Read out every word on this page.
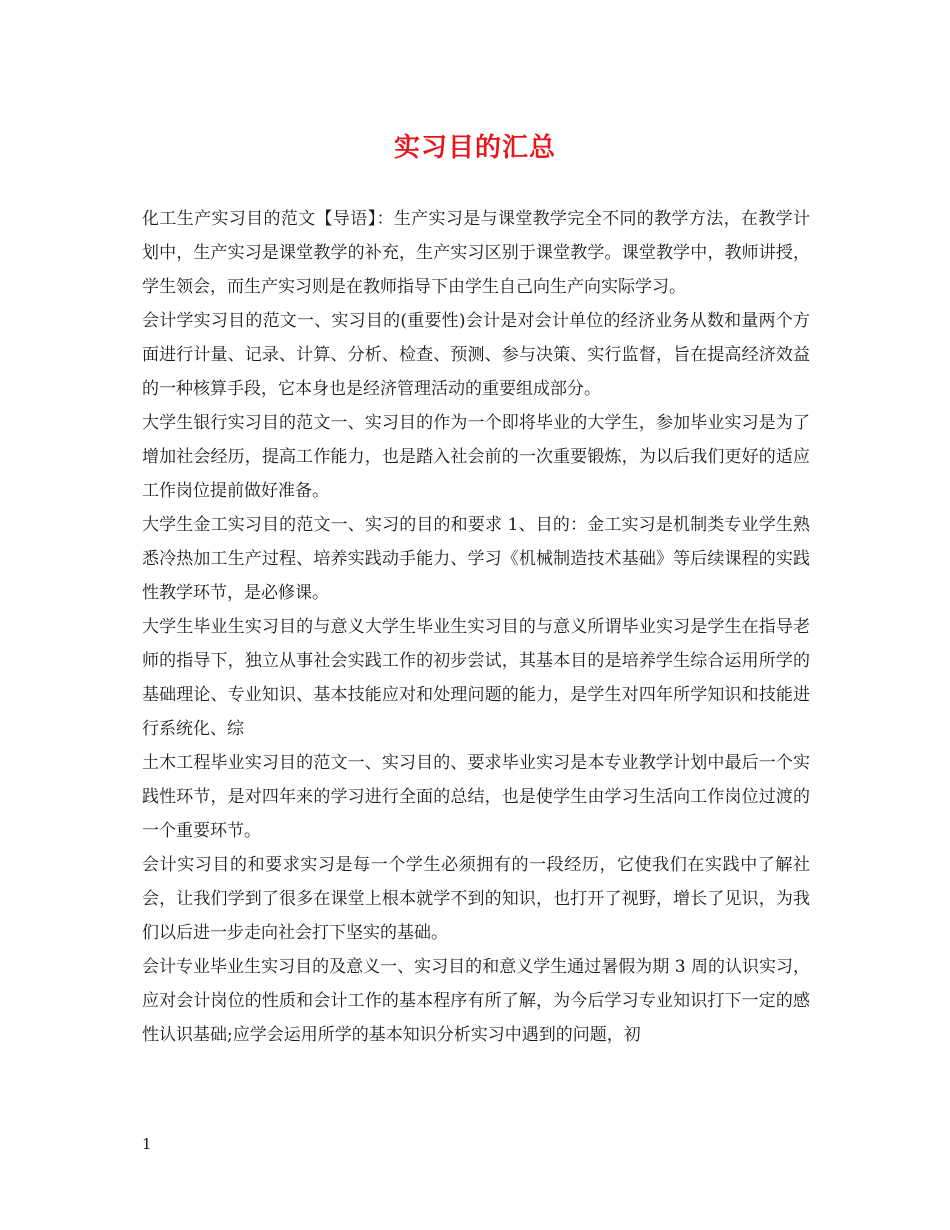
实习目的汇总

化工生产实习目的范文【导语】：生产实习是与课堂教学完全不同的教学方法，在教学计划中，生产实习是课堂教学的补充，生产实习区别于课堂教学。课堂教学中，教师讲授，学生领会，而生产实习则是在教师指导下由学生自己向生产向实际学习。

会计学实习目的范文一、实习目的(重要性)会计是对会计单位的经济业务从数和量两个方面进行计量、记录、计算、分析、检查、预测、参与决策、实行监督，旨在提高经济效益的一种核算手段，它本身也是经济管理活动的重要组成部分。

大学生银行实习目的范文一、实习目的作为一个即将毕业的大学生，参加毕业实习是为了增加社会经历，提高工作能力，也是踏入社会前的一次重要锻炼，为以后我们更好的适应工作岗位提前做好准备。

大学生金工实习目的范文一、实习的目的和要求 1、目的：金工实习是机制类专业学生熟悉冷热加工生产过程、培养实践动手能力、学习《机械制造技术基础》等后续课程的实践性教学环节，是必修课。

大学生毕业生实习目的与意义大学生毕业生实习目的与意义所谓毕业实习是学生在指导老师的指导下，独立从事社会实践工作的初步尝试，其基本目的是培养学生综合运用所学的基础理论、专业知识、基本技能应对和处理问题的能力，是学生对四年所学知识和技能进行系统化、综

土木工程毕业实习目的范文一、实习目的、要求毕业实习是本专业教学计划中最后一个实践性环节，是对四年来的学习进行全面的总结，也是使学生由学习生活向工作岗位过渡的一个重要环节。

会计实习目的和要求实习是每一个学生必须拥有的一段经历，它使我们在实践中了解社会，让我们学到了很多在课堂上根本就学不到的知识，也打开了视野，增长了见识，为我们以后进一步走向社会打下坚实的基础。

会计专业毕业生实习目的及意义一、实习目的和意义学生通过暑假为期 3 周的认识实习，应对会计岗位的性质和会计工作的基本程序有所了解，为今后学习专业知识打下一定的感性认识基础;应学会运用所学的基本知识分析实习中遇到的问题，初

1
